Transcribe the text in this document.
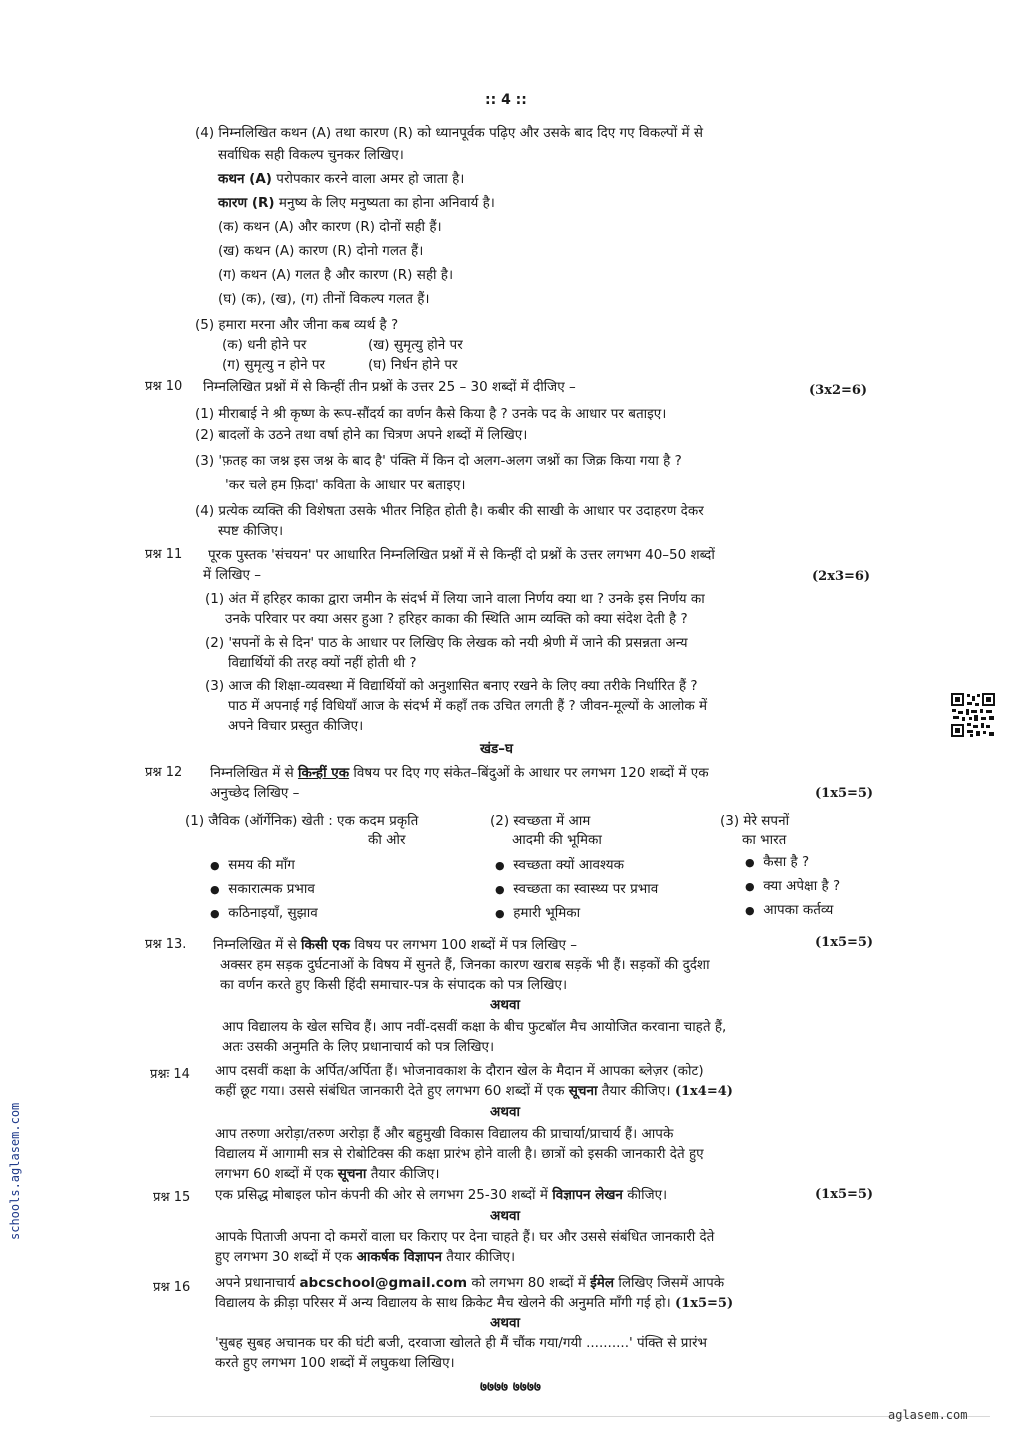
:: 4 ::
(4) निम्नलिखित कथन (A) तथा कारण (R) को ध्यानपूर्वक पढ़िए और उसके बाद दिए गए विकल्पों में से
सर्वाधिक सही विकल्प चुनकर लिखिए।
कथन (A) परोपकार करने वाला अमर हो जाता है।
कारण (R) मनुष्य के लिए मनुष्यता का होना अनिवार्य है।
(क) कथन (A) और कारण (R) दोनों सही हैं।
(ख) कथन (A) कारण (R) दोनो गलत हैं।
(ग) कथन (A) गलत है और कारण (R) सही है।
(घ) (क), (ख), (ग) तीनों विकल्प गलत हैं।
(5) हमारा मरना और जीना कब व्यर्थ है ?
(क) धनी होने पर	(ख) सुमृत्यु होने पर
(ग) सुमृत्यु न होने पर	(घ) निर्धन होने पर
प्रश्न 10 निम्नलिखित प्रश्नों में से किन्हीं तीन प्रश्नों के उत्तर 25 – 30 शब्दों में दीजिए –	(3x2=6)
(1) मीराबाई ने श्री कृष्ण के रूप-सौंदर्य का वर्णन कैसे किया है ? उनके पद के आधार पर बताइए।
(2) बादलों के उठने तथा वर्षा होने का चित्रण अपने शब्दों में लिखिए।
(3) 'फ़तह का जश्न इस जश्न के बाद है' पंक्ति में किन दो अलग-अलग जश्नों का जिक्र किया गया है ?
'कर चले हम फ़िदा' कविता के आधार पर बताइए।
(4) प्रत्येक व्यक्ति की विशेषता उसके भीतर निहित होती है। कबीर की साखी के आधार पर उदाहरण देकर
स्पष्ट कीजिए।
प्रश्न 11 पूरक पुस्तक 'संचयन' पर आधारित निम्नलिखित प्रश्नों में से किन्हीं दो प्रश्नों के उत्तर लगभग 40–50 शब्दों
में लिखिए –	(2x3=6)
(1) अंत में हरिहर काका द्वारा जमीन के संदर्भ में लिया जाने वाला निर्णय क्या था ? उनके इस निर्णय का
उनके परिवार पर क्या असर हुआ ? हरिहर काका की स्थिति आम व्यक्ति को क्या संदेश देती है ?
(2) 'सपनों के से दिन' पाठ के आधार पर लिखिए कि लेखक को नयी श्रेणी में जाने की प्रसन्नता अन्य
विद्यार्थियों की तरह क्यों नहीं होती थी ?
(3) आज की शिक्षा-व्यवस्था में विद्यार्थियों को अनुशासित बनाए रखने के लिए क्या तरीके निर्धारित हैं ?
पाठ में अपनाई गई विधियाँ आज के संदर्भ में कहाँ तक उचित लगती हैं ? जीवन-मूल्यों के आलोक में
अपने विचार प्रस्तुत कीजिए।
खंड–घ
प्रश्न 12 निम्नलिखित में से किन्हीं एक विषय पर दिए गए संकेत–बिंदुओं के आधार पर लगभग 120 शब्दों में एक
अनुच्छेद लिखिए –	(1x5=5)
(1) जैविक (ऑर्गेनिक) खेती : एक कदम प्रकृति
की ओर
(2) स्वच्छता में आम
आदमी की भूमिका
(3) मेरे सपनों
का भारत
● समय की माँग
● सकारात्मक प्रभाव
● कठिनाइयाँ, सुझाव
● स्वच्छता क्यों आवश्यक
● स्वच्छता का स्वास्थ्य पर प्रभाव
● हमारी भूमिका
● कैसा है ?
● क्या अपेक्षा है ?
● आपका कर्तव्य
प्रश्न 13. निम्नलिखित में से किसी एक विषय पर लगभग 100 शब्दों में पत्र लिखिए –	(1x5=5)
अक्सर हम सड़क दुर्घटनाओं के विषय में सुनते हैं, जिनका कारण खराब सड़कें भी हैं। सड़कों की दुर्दशा
का वर्णन करते हुए किसी हिंदी समाचार-पत्र के संपादक को पत्र लिखिए।
अथवा
आप विद्यालय के खेल सचिव हैं। आप नवीं-दसवीं कक्षा के बीच फुटबॉल मैच आयोजित करवाना चाहते हैं,
अतः उसकी अनुमति के लिए प्रधानाचार्य को पत्र लिखिए।
प्रश्नः 14 आप दसवीं कक्षा के अर्पित/अर्पिता हैं। भोजनावकाश के दौरान खेल के मैदान में आपका ब्लेज़र (कोट)
कहीं छूट गया। उससे संबंधित जानकारी देते हुए लगभग 60 शब्दों में एक सूचना तैयार कीजिए। (1x4=4)
अथवा
आप तरुणा अरोड़ा/तरुण अरोड़ा हैं और बहुमुखी विकास विद्यालय की प्राचार्या/प्राचार्य हैं। आपके
विद्यालय में आगामी सत्र से रोबोटिक्स की कक्षा प्रारंभ होने वाली है। छात्रों को इसकी जानकारी देते हुए
लगभग 60 शब्दों में एक सूचना तैयार कीजिए।
प्रश्न 15 एक प्रसिद्ध मोबाइल फोन कंपनी की ओर से लगभग 25-30 शब्दों में विज्ञापन लेखन कीजिए।	(1x5=5)
अथवा
आपके पिताजी अपना दो कमरों वाला घर किराए पर देना चाहते हैं। घर और उससे संबंधित जानकारी देते
हुए लगभग 30 शब्दों में एक आकर्षक विज्ञापन तैयार कीजिए।
प्रश्न 16 अपने प्रधानाचार्य abcschool@gmail.com को लगभग 80 शब्दों में ईमेल लिखिए जिसमें आपके
विद्यालय के क्रीड़ा परिसर में अन्य विद्यालय के साथ क्रिकेट मैच खेलने की अनुमति माँगी गई हो। (1x5=5)
अथवा
'सुबह सुबह अचानक घर की घंटी बजी, दरवाजा खोलते ही मैं चौंक गया/गयी ..........' पंक्ति से प्रारंभ
करते हुए लगभग 100 शब्दों में लघुकथा लिखिए।
७७७७ ७७७७
schools.aglasem.com
aglasem.com
